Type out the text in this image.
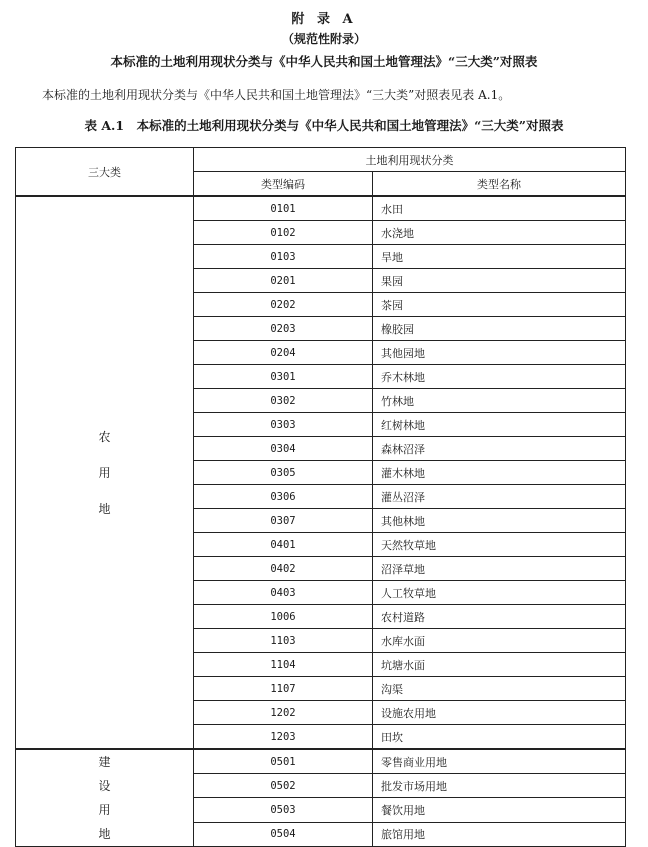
附 录 A
（规范性附录）
本标准的土地利用现状分类与《中华人民共和国土地管理法》“三大类”对照表
本标准的土地利用现状分类与《中华人民共和国土地管理法》“三大类”对照表见表 A.1。
表 A.1　本标准的土地利用现状分类与《中华人民共和国土地管理法》“三大类”对照表
三大类	土地利用现状分类	
	类型编码	类型名称

农
用
地	0101	水田
	0102	水浇地
	0103	旱地
	0201	果园
	0202	茶园
	0203	橡胶园
	0204	其他园地
	0301	乔木林地
	0302	竹林地
	0303	红树林地
	0304	森林沼泽
	0305	灌木林地
	0306	灌丛沼泽
	0307	其他林地
	0401	天然牧草地
	0402	沼泽草地
	0403	人工牧草地
	1006	农村道路
	1103	水库水面
	1104	坑塘水面
	1107	沟渠
	1202	设施农用地
	1203	田坎

建
设
用
地	0501	零售商业用地
	0502	批发市场用地
	0503	餐饮用地
	0504	旅馆用地
